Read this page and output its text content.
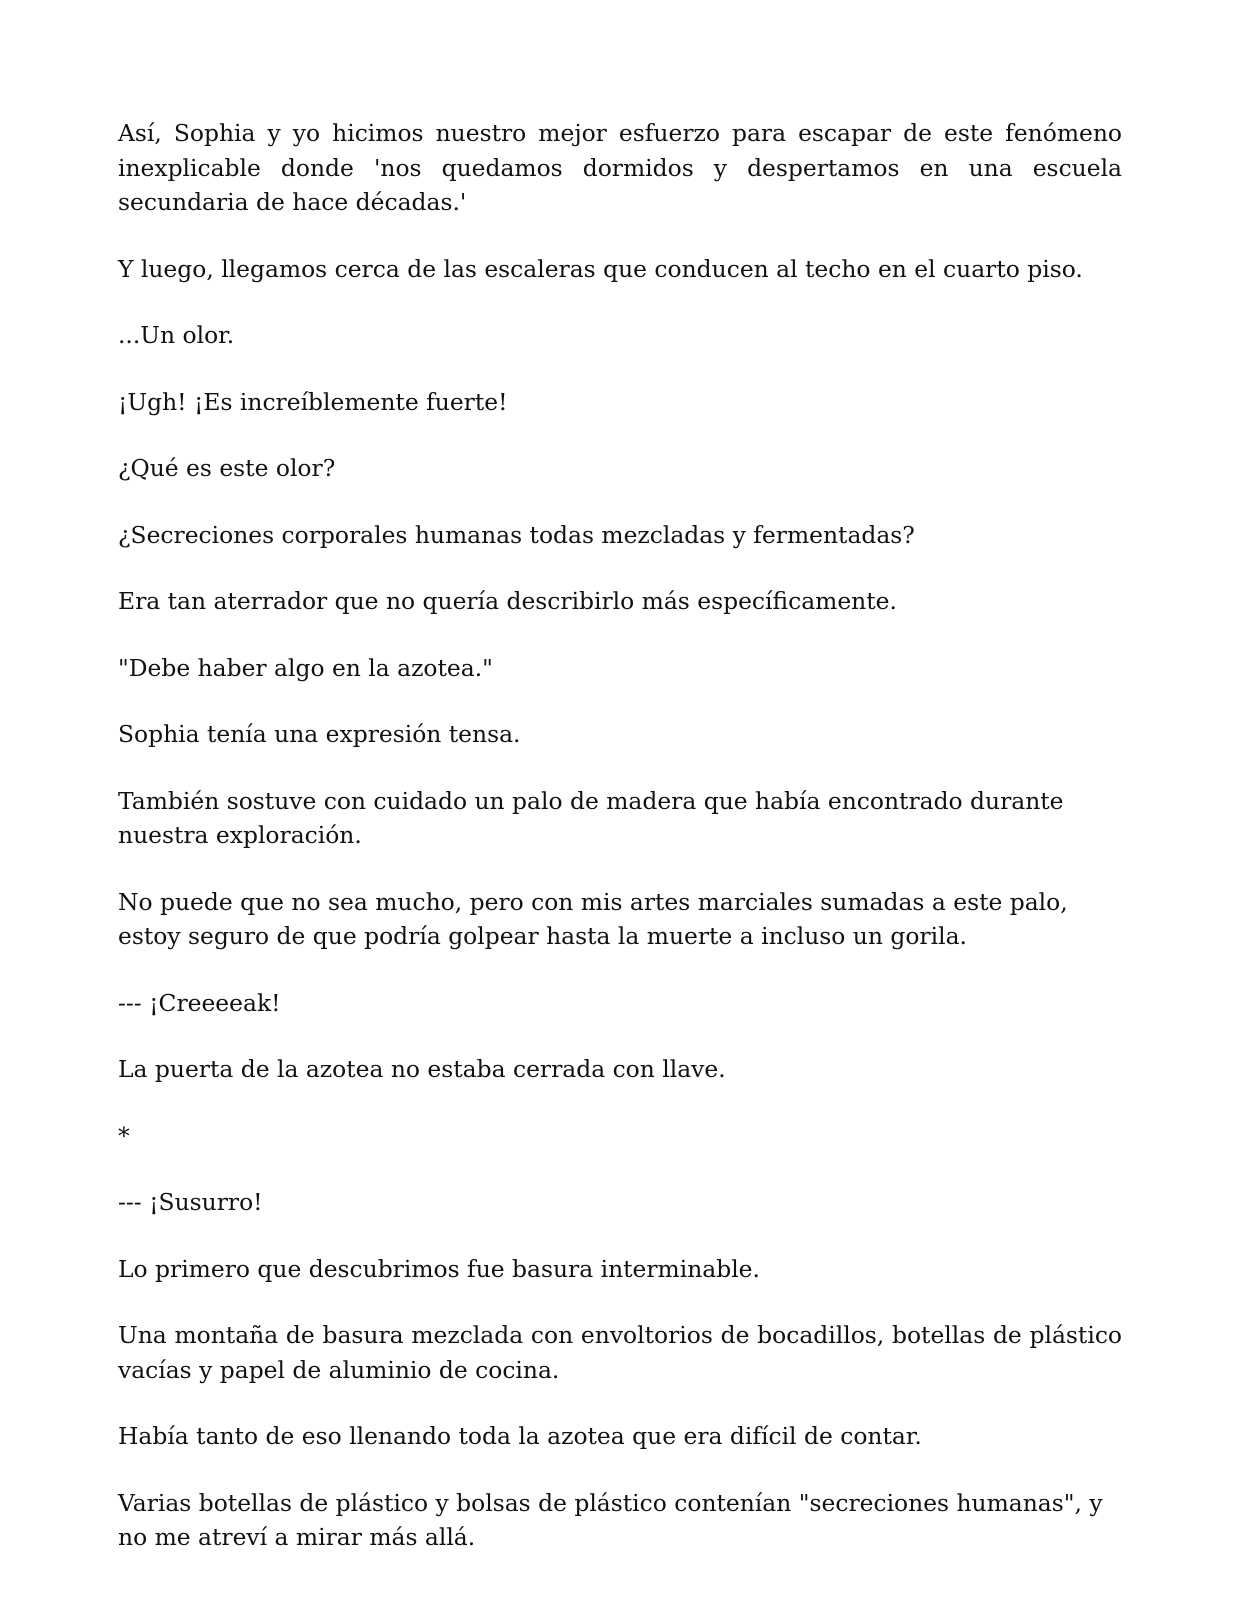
Así, Sophia y yo hicimos nuestro mejor esfuerzo para escapar de este fenómeno inexplicable donde 'nos quedamos dormidos y despertamos en una escuela secundaria de hace décadas.'

Y luego, llegamos cerca de las escaleras que conducen al techo en el cuarto piso.

...Un olor.

¡Ugh! ¡Es increíblemente fuerte!

¿Qué es este olor?

¿Secreciones corporales humanas todas mezcladas y fermentadas?

Era tan aterrador que no quería describirlo más específicamente.

"Debe haber algo en la azotea."

Sophia tenía una expresión tensa.

También sostuve con cuidado un palo de madera que había encontrado durante nuestra exploración.

No puede que no sea mucho, pero con mis artes marciales sumadas a este palo, estoy seguro de que podría golpear hasta la muerte a incluso un gorila.

--- ¡Creeeeak!

La puerta de la azotea no estaba cerrada con llave.

*

--- ¡Susurro!

Lo primero que descubrimos fue basura interminable.

Una montaña de basura mezclada con envoltorios de bocadillos, botellas de plástico vacías y papel de aluminio de cocina.

Había tanto de eso llenando toda la azotea que era difícil de contar.

Varias botellas de plástico y bolsas de plástico contenían "secreciones humanas", y no me atreví a mirar más allá.
